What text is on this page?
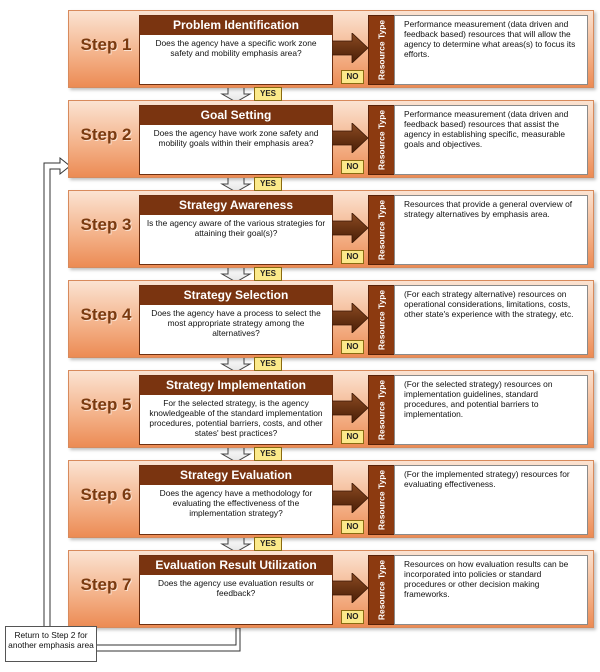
Step 1
Problem Identification
Does the agency have a specific work zone safety and mobility emphasis area?
NO	Resource Type Performance measurement (data driven and feedback based) resources that will allow the agency to determine what areas(s) to focus its efforts.
Step 2
Goal Setting
Does the agency have work zone safety and mobility goals within their emphasis area?
NO	Resource Type Performance measurement (data driven and feedback based) resources that assist the agency in establishing specific, measurable goals and objectives.
Step 3
Strategy Awareness
Is the agency aware of the various strategies for attaining their goal(s)?
NO	Resource Type Resources that provide a general overview of strategy alternatives by emphasis area.
Step 4
Strategy Selection
Does the agency have a process to select the most appropriate strategy among the alternatives?
NO	Resource Type (For each strategy alternative) resources on operational considerations, limitations, costs, other state's experience with the strategy, etc.
Step 5
Strategy Implementation
For the selected strategy, is the agency knowledgeable of the standard implementation procedures, potential barriers, costs, and other states' best practices?	NO	Resource Type (For the selected strategy) resources on implementation guidelines, standard procedures, and potential barriers to implementation.
Step 6
Strategy Evaluation
Does the agency have a methodology for evaluating the effectiveness of the implementation strategy?
NO	Resource Type (For the implemented strategy) resources for evaluating effectiveness.
Step 7
Evaluation Result Utilization
Does the agency use evaluation results or feedback?
NO	Resource Type Resources on how evaluation results can be incorporated into policies or standard procedures or other decision making frameworks.
Return to Step 2 for another emphasis area
YES
YES
YES
YES
YES
YES
